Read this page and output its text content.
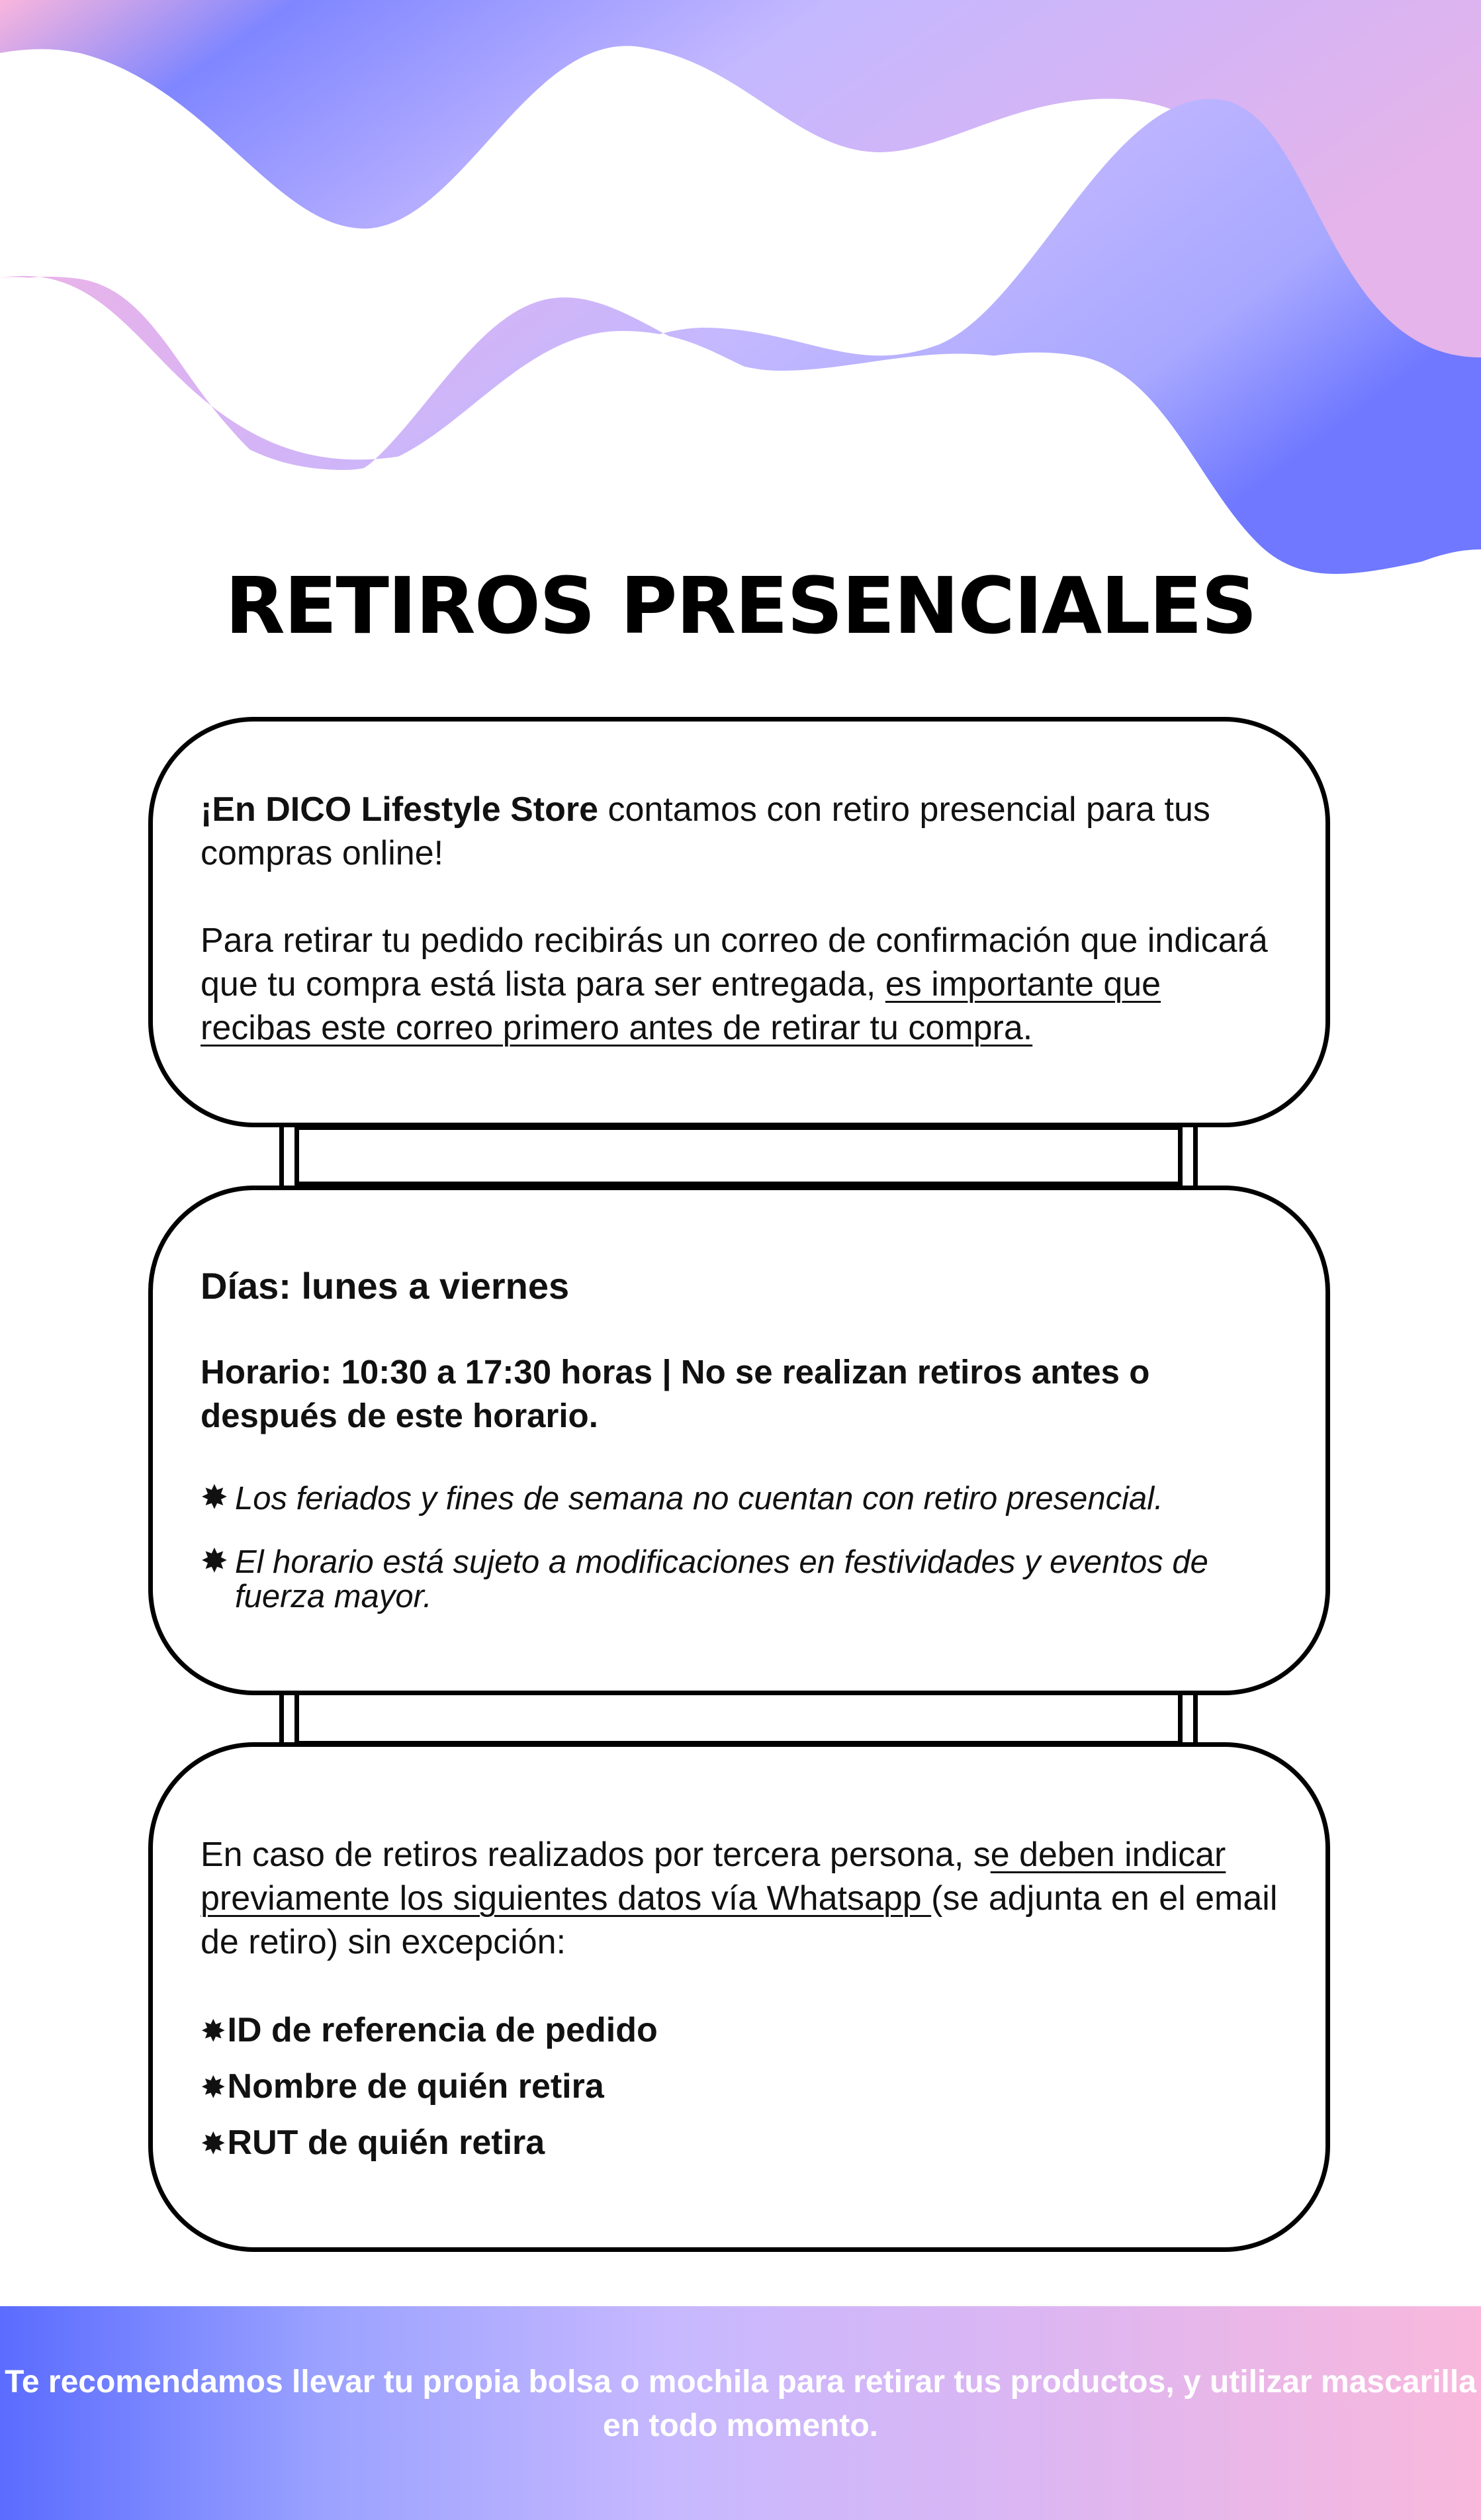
dico
LIFESTYLE STORE
RETIROS PRESENCIALES

¡En DICO Lifestyle Store contamos con retiro presencial para tus compras online!

Para retirar tu pedido recibirás un correo de confirmación que indicará que tu compra está lista para ser entregada, es importante que recibas este correo primero antes de retirar tu compra.

Días: lunes a viernes

Horario: 10:30 a 17:30 horas | No se realizan retiros antes o después de este horario.

✸ Los feriados y fines de semana no cuentan con retiro presencial.

✸ El horario está sujeto a modificaciones en festividades y eventos de fuerza mayor.

En caso de retiros realizados por tercera persona, se deben indicar previamente los siguientes datos vía Whatsapp (se adjunta en el email de retiro) sin excepción:

✸ID de referencia de pedido

✸Nombre de quién retira

✸RUT de quién retira

Te recomendamos llevar tu propia bolsa o mochila para retirar tus productos, y utilizar mascarilla en todo momento.
